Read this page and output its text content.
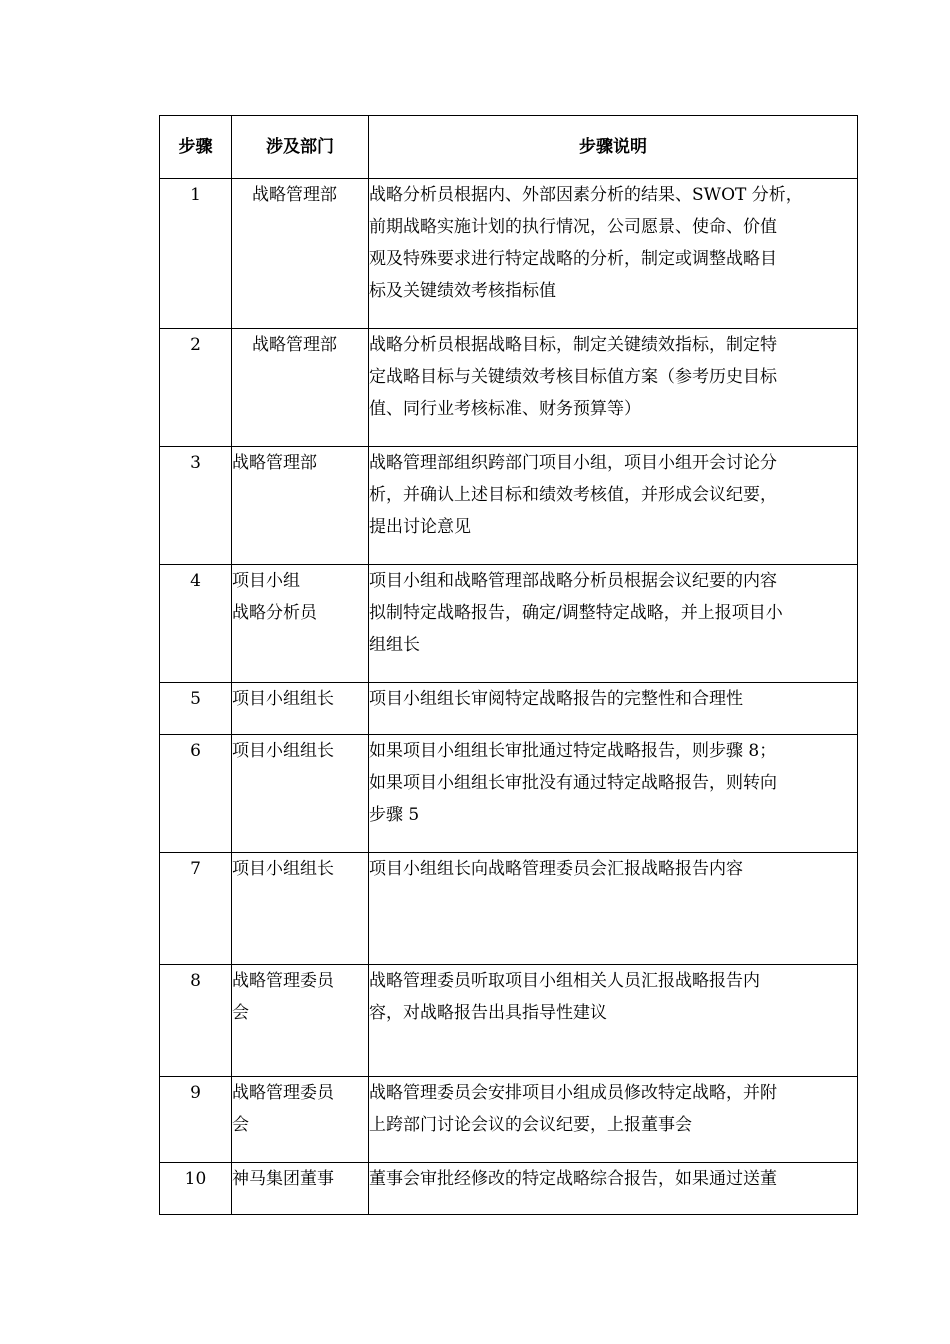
步骤	涉及部门	步骤说明
1	战略管理部	战略分析员根据内、外部因素分析的结果、SWOT 分析，
前期战略实施计划的执行情况，公司愿景、使命、价值
观及特殊要求进行特定战略的分析，制定或调整战略目
标及关键绩效考核指标值

2	战略管理部	战略分析员根据战略目标，制定关键绩效指标，制定特
定战略目标与关键绩效考核目标值方案（参考历史目标
值、同行业考核标准、财务预算等）

3	战略管理部	战略管理部组织跨部门项目小组，项目小组开会讨论分
析，并确认上述目标和绩效考核值，并形成会议纪要，
提出讨论意见

4	项目小组
战略分析员	项目小组和战略管理部战略分析员根据会议纪要的内容
拟制特定战略报告，确定/调整特定战略，并上报项目小
组组长

5	项目小组组长	项目小组组长审阅特定战略报告的完整性和合理性

6	项目小组组长	如果项目小组组长审批通过特定战略报告，则步骤 8；
如果项目小组组长审批没有通过特定战略报告，则转向
步骤 5

7	项目小组组长	项目小组组长向战略管理委员会汇报战略报告内容

8	战略管理委员
会	战略管理委员听取项目小组相关人员汇报战略报告内
容，对战略报告出具指导性建议

9	战略管理委员
会	战略管理委员会安排项目小组成员修改特定战略，并附
上跨部门讨论会议的会议纪要，上报董事会

10	神马集团董事	董事会审批经修改的特定战略综合报告，如果通过送董
